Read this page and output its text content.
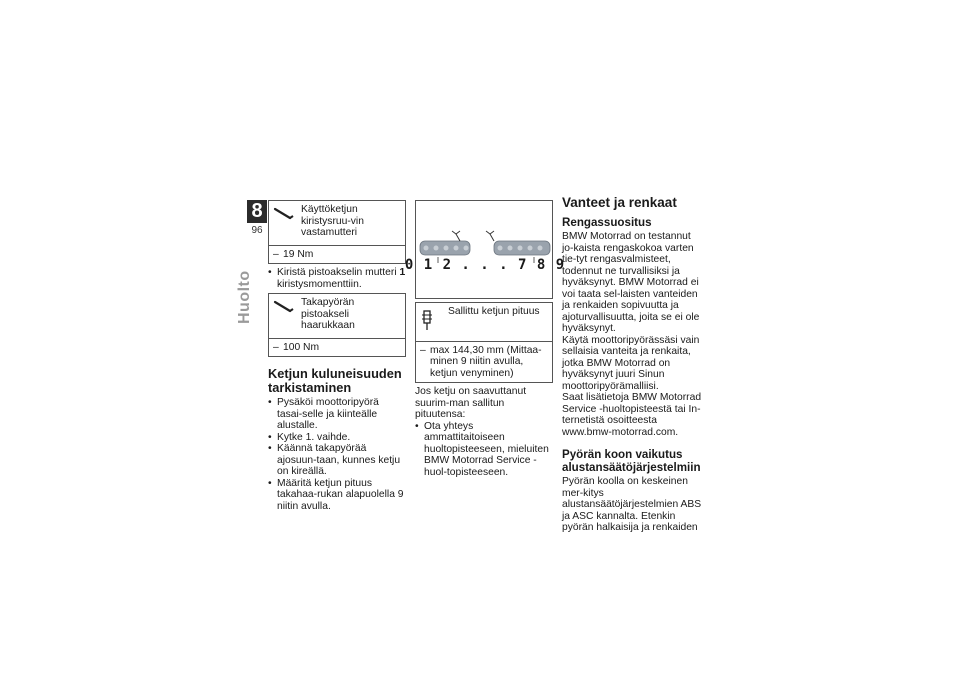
8
96
Huolto
Käyttöketjun kiristysruu-vin vastamutteri
– 19 Nm
• Kiristä pistoakselin mutteri 1
kiristysmomenttiin.
Takapyörän pistoakseli haarukkaan
– 100 Nm
Ketjun kuluneisuuden tarkistaminen
• Pysäköi moottoripyörä tasai-selle ja kiinteälle alustalle.
• Kytke 1. vaihde.
• Käännä takapyörää ajosuun-taan, kunnes ketju on kireällä.
• Määritä ketjun pituus takahaa-rukan alapuolella 9 niitin avulla.
0 1 2 . . . 7 8 9
Sallittu ketjun pituus
– max 144,30 mm (Mittaa-minen 9 niitin avulla, ketjun venyminen)

Jos ketju on saavuttanut suurim-man sallitun pituutensa:

• Ota yhteys ammattitaitoiseen huoltopisteeseen, mieluiten BMW Motorrad Service -huol-topisteeseen.
Vanteet ja renkaat
Rengassuositus

BMW Motorrad on testannut jo-kaista rengaskokoa varten tie-tyt rengasvalmisteet, todennut ne turvallisiksi ja hyväksynyt. BMW Motorrad ei voi taata sel-laisten vanteiden ja renkaiden sopivuutta ja ajoturvallisuutta, joita se ei ole hyväksynyt.

Käytä moottoripyörässäsi vain sellaisia vanteita ja renkaita, jotka BMW Motorrad on hyväksynyt juuri Sinun moottoripyörämalliisi.

Saat lisätietoja BMW Motorrad Service -huoltopisteestä tai In-ternetistä osoitteesta www.bmw-motorrad.com.

Pyörän koon vaikutus alustansäätöjärjestelmiin

Pyörän koolla on keskeinen mer-kitys alustansäätöjärjestelmien ABS ja ASC kannalta. Etenkin pyörän halkaisija ja renkaiden
